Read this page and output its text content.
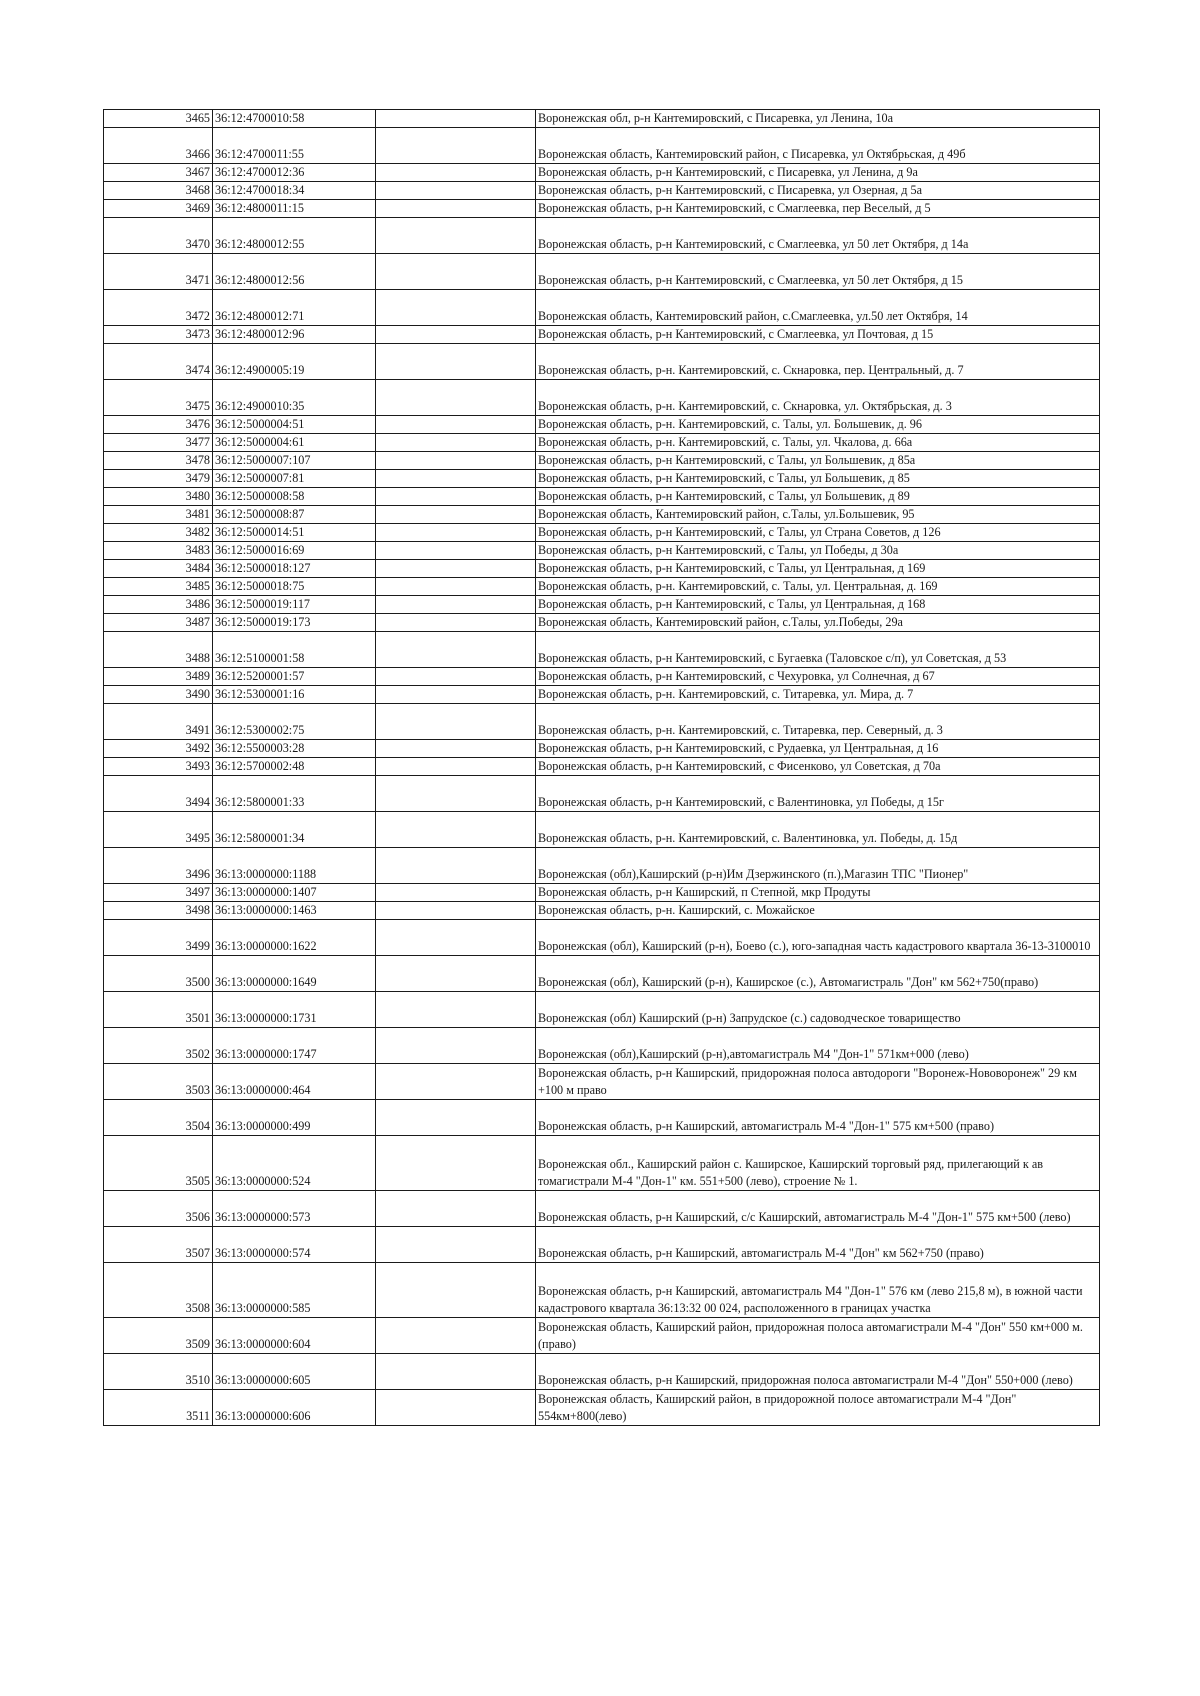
3465	36:12:4700010:58		Воронежская обл, р-н Кантемировский, с Писаревка, ул Ленина, 10а
3466	36:12:4700011:55		Воронежская область, Кантемировский район, с Писаревка, ул Октябрьская, д 49б
3467	36:12:4700012:36		Воронежская область, р-н Кантемировский, с Писаревка, ул Ленина, д 9а
3468	36:12:4700018:34		Воронежская область, р-н Кантемировский, с Писаревка, ул Озерная, д 5а
3469	36:12:4800011:15		Воронежская область, р-н Кантемировский, с Смаглеевка, пер Веселый, д 5
3470	36:12:4800012:55		Воронежская область, р-н Кантемировский, с Смаглеевка, ул 50 лет Октября, д 14а
3471	36:12:4800012:56		Воронежская область, р-н Кантемировский, с Смаглеевка, ул 50 лет Октября, д 15
3472	36:12:4800012:71		Воронежская область, Кантемировский район, с.Смаглеевка, ул.50 лет Октября, 14
3473	36:12:4800012:96		Воронежская область, р-н Кантемировский, с Смаглеевка, ул Почтовая, д 15
3474	36:12:4900005:19		Воронежская область, р-н. Кантемировский, с. Скнаровка, пер. Центральный, д. 7
3475	36:12:4900010:35		Воронежская область, р-н. Кантемировский, с. Скнаровка, ул. Октябрьская, д. 3
3476	36:12:5000004:51		Воронежская область, р-н. Кантемировский, с. Талы, ул. Большевик, д. 96
3477	36:12:5000004:61		Воронежская область, р-н. Кантемировский, с. Талы, ул. Чкалова, д. 66а
3478	36:12:5000007:107		Воронежская область, р-н Кантемировский, с Талы, ул Большевик, д 85а
3479	36:12:5000007:81		Воронежская область, р-н Кантемировский, с Талы, ул Большевик, д 85
3480	36:12:5000008:58		Воронежская область, р-н Кантемировский, с Талы, ул Большевик, д 89
3481	36:12:5000008:87		Воронежская область, Кантемировский район, с.Талы, ул.Большевик, 95
3482	36:12:5000014:51		Воронежская область, р-н Кантемировский, с Талы, ул Страна Советов, д 126
3483	36:12:5000016:69		Воронежская область, р-н Кантемировский, с Талы, ул Победы, д 30а
3484	36:12:5000018:127		Воронежская область, р-н Кантемировский, с Талы, ул Центральная, д 169
3485	36:12:5000018:75		Воронежская область, р-н. Кантемировский, с. Талы, ул. Центральная, д. 169
3486	36:12:5000019:117		Воронежская область, р-н Кантемировский, с Талы, ул Центральная, д 168
3487	36:12:5000019:173		Воронежская область, Кантемировский район, с.Талы, ул.Победы, 29а
3488	36:12:5100001:58		Воронежская область, р-н Кантемировский, с Бугаевка (Таловское с/п), ул Советская, д 53
3489	36:12:5200001:57		Воронежская область, р-н Кантемировский, с Чехуровка, ул Солнечная, д 67
3490	36:12:5300001:16		Воронежская область, р-н. Кантемировский, с. Титаревка, ул. Мира, д. 7
3491	36:12:5300002:75		Воронежская область, р-н. Кантемировский, с. Титаревка, пер. Северный, д. 3
3492	36:12:5500003:28		Воронежская область, р-н Кантемировский, с Рудаевка, ул Центральная, д 16
3493	36:12:5700002:48		Воронежская область, р-н Кантемировский, с Фисенково, ул Советская, д 70а
3494	36:12:5800001:33		Воронежская область, р-н Кантемировский, с Валентиновка, ул Победы, д 15г
3495	36:12:5800001:34		Воронежская область, р-н. Кантемировский, с. Валентиновка, ул. Победы, д. 15д
3496	36:13:0000000:1188		Воронежская (обл),Каширский (р-н)Им Дзержинского (п.),Магазин ТПС "Пионер"
3497	36:13:0000000:1407		Воронежская область, р-н Каширский, п Степной, мкр Продуты
3498	36:13:0000000:1463		Воронежская область, р-н. Каширский, с. Можайское
3499	36:13:0000000:1622		Воронежская (обл), Каширский (р-н), Боево (с.), юго-западная часть кадастрового квартала 36-13-3100010
3500	36:13:0000000:1649		Воронежская (обл), Каширский (р-н), Каширское (с.), Автомагистраль "Дон" км 562+750(право)
3501	36:13:0000000:1731		Воронежская (обл) Каширский (р-н) Запрудское (с.) садоводческое товарищество
3502	36:13:0000000:1747		Воронежская (обл),Каширский (р-н),автомагистраль М4 "Дон-1" 571км+000 (лево)
3503	36:13:0000000:464		Воронежская область, р-н Каширский, придорожная полоса автодороги "Воронеж-Нововоронеж" 29 км +100 м право
3504	36:13:0000000:499		Воронежская область, р-н Каширский, автомагистраль М-4 "Дон-1" 575 км+500 (право)
3505	36:13:0000000:524		Воронежская обл., Каширский район с. Каширское, Каширский торговый ряд, прилегающий к ав томагистрали М-4 "Дон-1" км. 551+500 (лево), строение № 1.
3506	36:13:0000000:573		Воронежская область, р-н Каширский, с/с Каширский, автомагистраль М-4 "Дон-1" 575 км+500 (лево)
3507	36:13:0000000:574		Воронежская область, р-н Каширский, автомагистраль М-4 "Дон" км 562+750 (право)
3508	36:13:0000000:585		Воронежская область, р-н Каширский, автомагистраль М4 "Дон-1" 576 км (лево 215,8 м), в южной части кадастрового квартала 36:13:32 00 024, расположенного в границах участка
3509	36:13:0000000:604		Воронежская область, Каширский район, придорожная полоса автомагистрали М-4 "Дон" 550 км+000 м. (право)
3510	36:13:0000000:605		Воронежская область, р-н Каширский, придорожная полоса автомагистрали М-4 "Дон" 550+000 (лево)
3511	36:13:0000000:606		Воронежская область, Каширский район, в придорожной полосе автомагистрали М-4 "Дон" 554км+800(лево)
